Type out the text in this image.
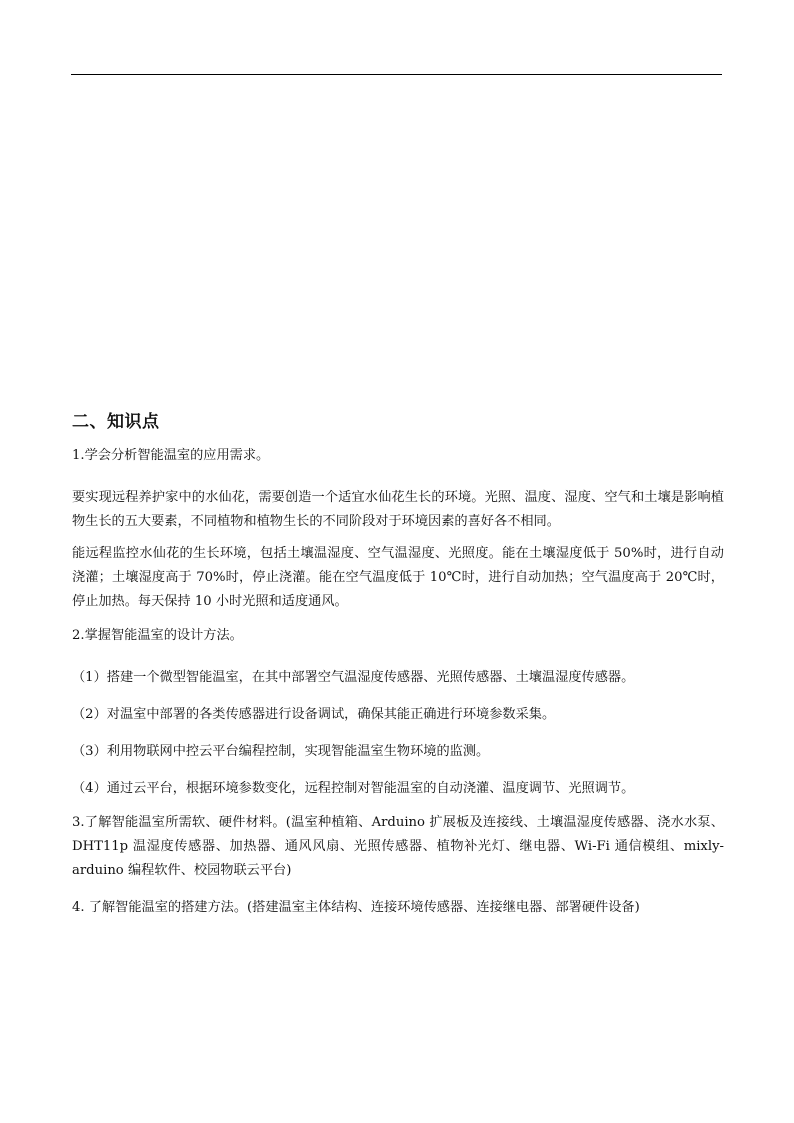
二、知识点

1.学会分析智能温室的应用需求。

要实现远程养护家中的水仙花，需要创造一个适宜水仙花生长的环境。光照、温度、湿度、空气和土壤是影响植物生长的五大要素，不同植物和植物生长的不同阶段对于环境因素的喜好各不相同。

能远程监控水仙花的生长环境，包括土壤温湿度、空气温湿度、光照度。能在土壤湿度低于 50%时，进行自动浇灌；土壤湿度高于 70%时，停止浇灌。能在空气温度低于 10℃时，进行自动加热；空气温度高于 20℃时，停止加热。每天保持 10 小时光照和适度通风。

2.掌握智能温室的设计方法。

（1）搭建一个微型智能温室，在其中部署空气温湿度传感器、光照传感器、土壤温湿度传感器。

（2）对温室中部署的各类传感器进行设备调试，确保其能正确进行环境参数采集。

（3）利用物联网中控云平台编程控制，实现智能温室生物环境的监测。

（4）通过云平台，根据环境参数变化，远程控制对智能温室的自动浇灌、温度调节、光照调节。

3.了解智能温室所需软、硬件材料。(温室种植箱、Arduino 扩展板及连接线、土壤温湿度传感器、浇水水泵、DHT11p 温湿度传感器、加热器、通风风扇、光照传感器、植物补光灯、继电器、Wi-Fi 通信模组、mixly-arduino 编程软件、校园物联云平台)

4. 了解智能温室的搭建方法。(搭建温室主体结构、连接环境传感器、连接继电器、部署硬件设备)
